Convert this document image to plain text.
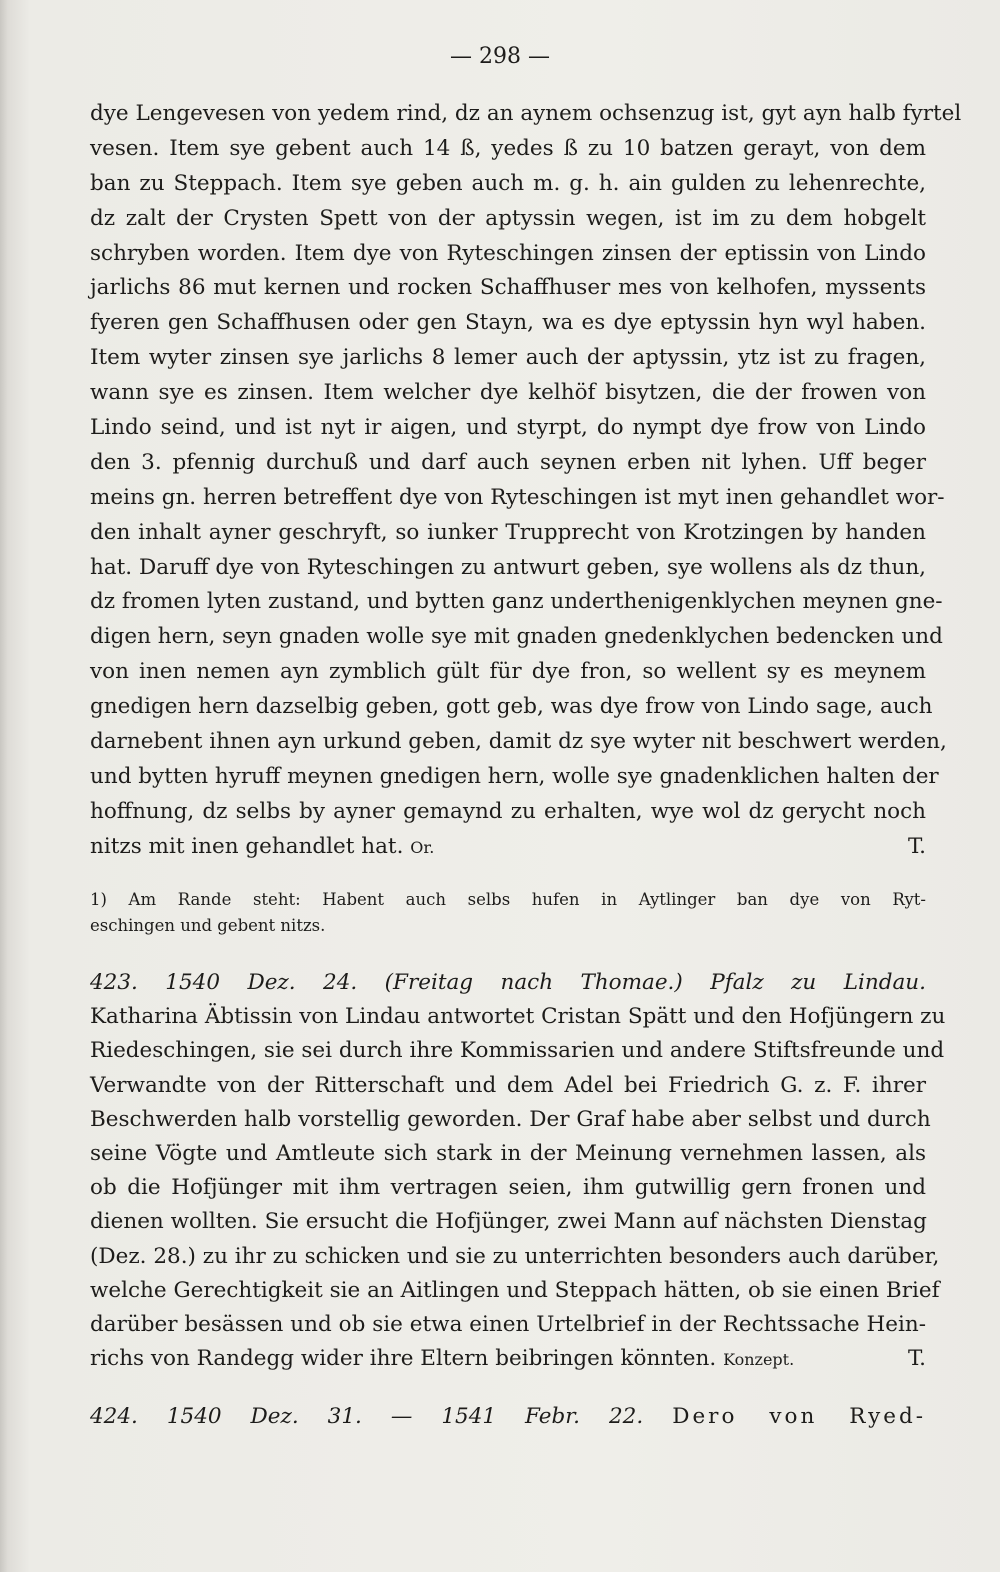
— 298 —
dye Lengevesen von yedem rind, dz an aynem ochsenzug ist, gyt ayn halb fyrtel
vesen. Item sye gebent auch 14 ß, yedes ß zu 10 batzen gerayt, von dem
ban zu Steppach. Item sye geben auch m. g. h. ain gulden zu lehenrechte,
dz zalt der Crysten Spett von der aptyssin wegen, ist im zu dem hobgelt
schryben worden. Item dye von Ryteschingen zinsen der eptissin von Lindo
jarlichs 86 mut kernen und rocken Schaffhuser mes von kelhofen, myssents
fyeren gen Schaffhusen oder gen Stayn, wa es dye eptyssin hyn wyl haben.
Item wyter zinsen sye jarlichs 8 lemer auch der aptyssin, ytz ist zu fragen,
wann sye es zinsen. Item welcher dye kelhöf bisytzen, die der frowen von
Lindo seind, und ist nyt ir aigen, und styrpt, do nympt dye frow von Lindo
den 3. pfennig durchuß und darf auch seynen erben nit lyhen. Uff beger
meins gn. herren betreffent dye von Ryteschingen ist myt inen gehandlet wor-
den inhalt ayner geschryft, so iunker Trupprecht von Krotzingen by handen
hat. Daruff dye von Ryteschingen zu antwurt geben, sye wollens als dz thun,
dz fromen lyten zustand, und bytten ganz underthenigenklychen meynen gne-
digen hern, seyn gnaden wolle sye mit gnaden gnedenklychen bedencken und
von inen nemen ayn zymblich gült für dye fron, so wellent sy es meynem
gnedigen hern dazselbig geben, gott geb, was dye frow von Lindo sage, auch
darnebent ihnen ayn urkund geben, damit dz sye wyter nit beschwert werden,
und bytten hyruff meynen gnedigen hern, wolle sye gnadenklichen halten der
hoffnung, dz selbs by ayner gemaynd zu erhalten, wye wol dz gerycht noch
nitzs mit inen gehandlet hat. Or.	T.
1) Am Rande steht: Habent auch selbs hufen in Aytlinger ban dye von Ryt-
eschingen und gebent nitzs.
423. 1540 Dez. 24. (Freitag nach Thomae.) Pfalz zu Lindau.
Katharina Äbtissin von Lindau antwortet Cristan Spätt und den Hofjüngern zu
Riedeschingen, sie sei durch ihre Kommissarien und andere Stiftsfreunde und
Verwandte von der Ritterschaft und dem Adel bei Friedrich G. z. F. ihrer
Beschwerden halb vorstellig geworden. Der Graf habe aber selbst und durch
seine Vögte und Amtleute sich stark in der Meinung vernehmen lassen, als
ob die Hofjünger mit ihm vertragen seien, ihm gutwillig gern fronen und
dienen wollten. Sie ersucht die Hofjünger, zwei Mann auf nächsten Dienstag
(Dez. 28.) zu ihr zu schicken und sie zu unterrichten besonders auch darüber,
welche Gerechtigkeit sie an Aitlingen und Steppach hätten, ob sie einen Brief
darüber besässen und ob sie etwa einen Urtelbrief in der Rechtssache Hein-
richs von Randegg wider ihre Eltern beibringen könnten. Konzept.	T.
424. 1540 Dez. 31. — 1541 Febr. 22. Dero von Ryed-
